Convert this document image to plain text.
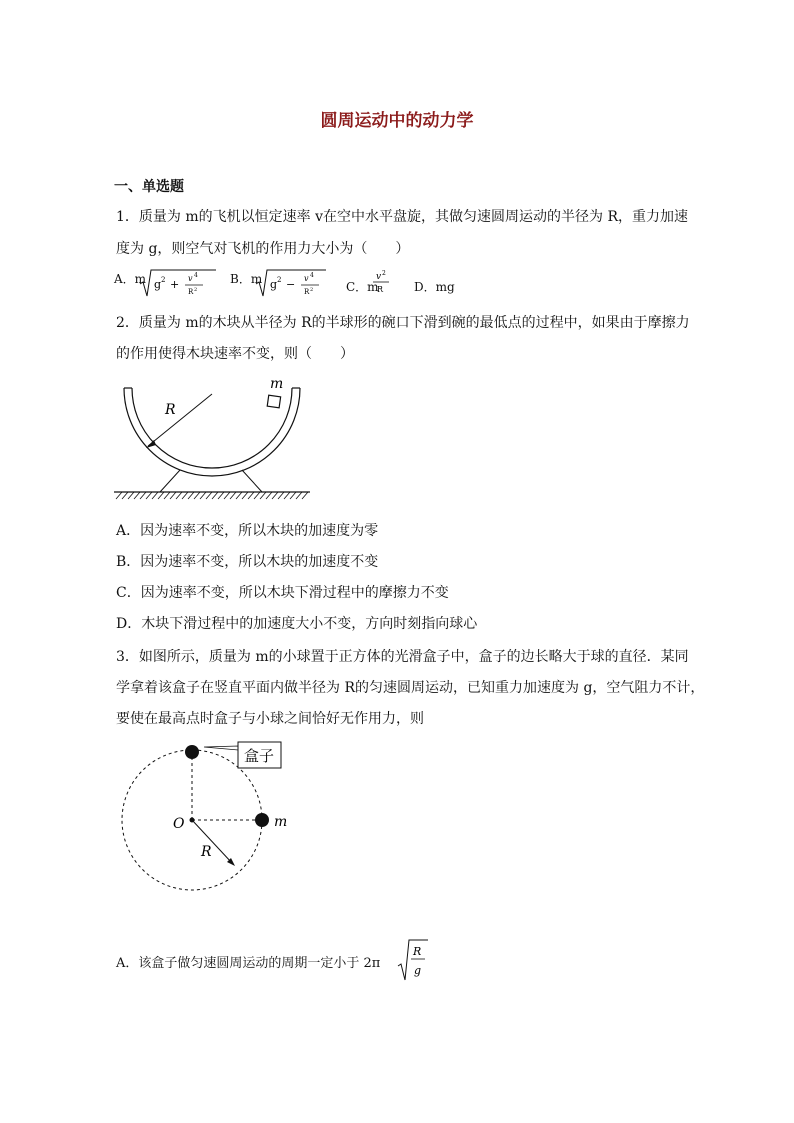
圆周运动中的动力学
一、单选题
1．质量为 m的飞机以恒定速率 v在空中水平盘旋，其做匀速圆周运动的半径为 R，重力加速
度为 g，则空气对飞机的作用力大小为（　　）
A．m g 2 + v 4
R 2
B．m g 2 − v 4
R 2	C．m
v 2
R	D．mg
2．质量为 m的木块从半径为 R的半球形的碗口下滑到碗的最低点的过程中，如果由于摩擦力
的作用使得木块速率不变，则（　　）
R
m
A．因为速率不变，所以木块的加速度为零
B．因为速率不变，所以木块的加速度不变
C．因为速率不变，所以木块下滑过程中的摩擦力不变
D．木块下滑过程中的加速度大小不变，方向时刻指向球心
3．如图所示，质量为 m的小球置于正方体的光滑盒子中，盒子的边长略大于球的直径．某同
学拿着该盒子在竖直平面内做半径为 R的匀速圆周运动，已知重力加速度为 g，空气阻力不计，
要使在最高点时盒子与小球之间恰好无作用力，则
盒子
O	m
R
A．该盒子做匀速圆周运动的周期一定小于 2π
R
g
